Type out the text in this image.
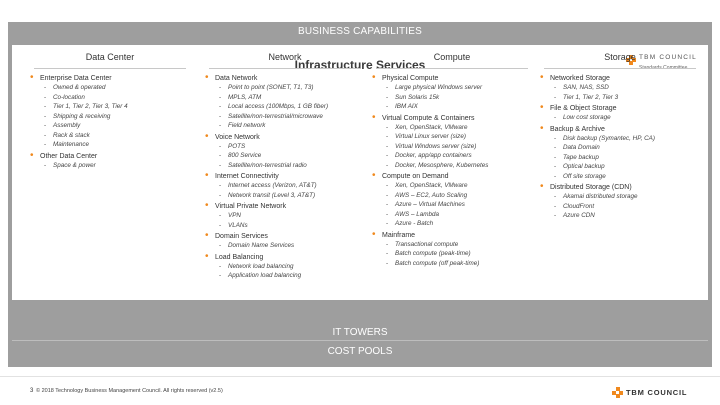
BUSINESS CAPABILITIES
Infrastructure Services
TBM COUNCIL
Standards Committee
Data Center
• Enterprise Data Center
- Owned & operated
- Co-location
- Tier 1, Tier 2, Tier 3, Tier 4
- Shipping & receiving
- Assembly
- Rack & stack
- Maintenance
• Other Data Center
- Space & power
Network
• Data Network
- Point to point (SONET, T1, T3)
- MPLS, ATM
- Local access (100Mbps, 1 GB fiber)
- Satellite/non-terrestrial/microwave
- Field network
• Voice Network
- POTS
- 800 Service
- Satellite/non-terrestrial radio
• Internet Connectivity
- Internet access (Verizon, AT&T)
- Network transit (Level 3, AT&T)
• Virtual Private Network
- VPN
- VLANs
• Domain Services
- Domain Name Services
• Load Balancing
- Network load balancing
- Application load balancing
Compute
• Physical Compute
- Large physical Windows server
- Sun Solaris 15k
- IBM AIX
• Virtual Compute & Containers
- Xen, OpenStack, VMware
- Virtual Linux server (size)
- Virtual Windows server (size)
- Docker, app/app containers
- Docker, Mesosphere, Kubernetes
• Compute on Demand
- Xen, OpenStack, VMware
- AWS – EC2, Auto Scaling
- Azure – Virtual Machines
- AWS – Lambda
- Azure - Batch
• Mainframe
- Transactional compute
- Batch compute (peak-time)
- Batch compute (off peak-time)
Storage
• Networked Storage
- SAN, NAS, SSD
- Tier 1, Tier 2, Tier 3
• File & Object Storage
- Low cost storage
• Backup & Archive
- Disk backup (Symantec, HP, CA)
- Data Domain
- Tape backup
- Optical backup
- Off site storage
• Distributed Storage (CDN)
- Akamai distributed storage
- CloudFront
- Azure CDN
IT TOWERS
COST POOLS
3 © 2018 Technology Business Management Council. All rights reserved (v2.5)	TBM COUNCIL
